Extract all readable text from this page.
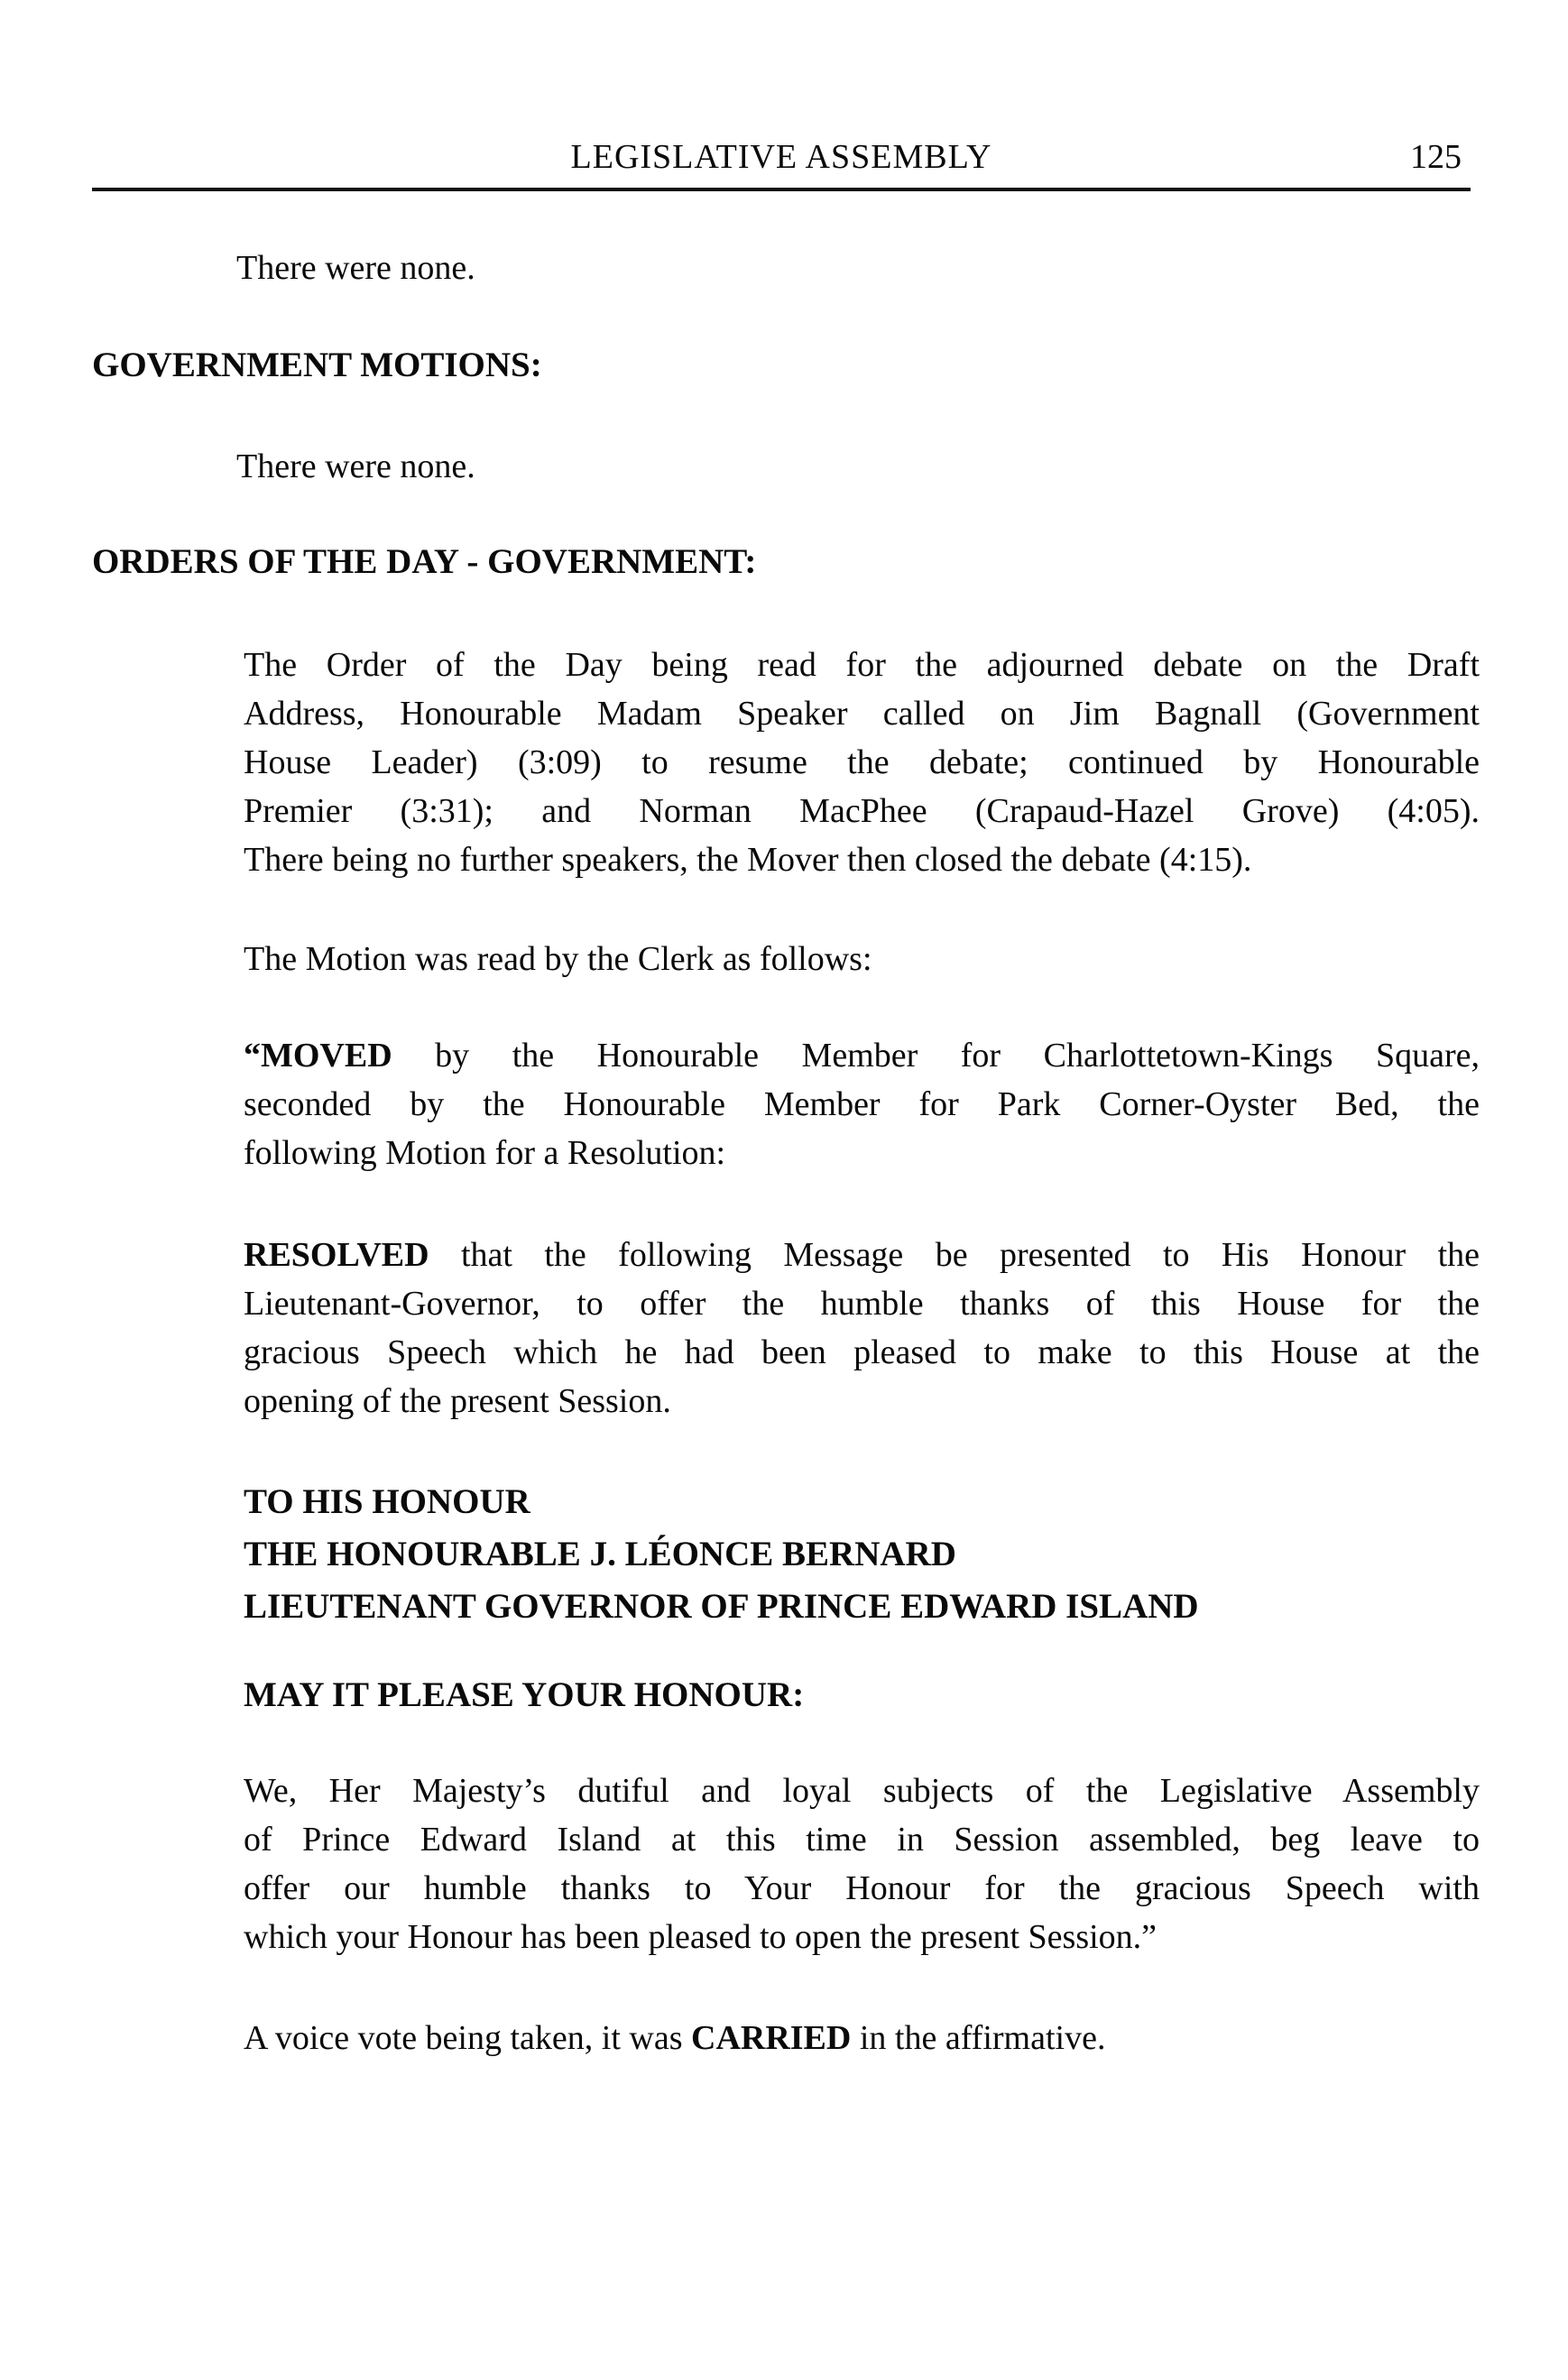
LEGISLATIVE ASSEMBLY	125
There were none.
GOVERNMENT MOTIONS:
There were none.
ORDERS OF THE DAY - GOVERNMENT:
The Order of the Day being read for the adjourned debate on the Draft
Address, Honourable Madam Speaker called on Jim Bagnall (Government
House Leader) (3:09) to resume the debate; continued by Honourable
Premier (3:31); and Norman MacPhee (Crapaud-Hazel Grove) (4:05).
There being no further speakers, the Mover then closed the debate (4:15).
The Motion was read by the Clerk as follows:
“MOVED by the Honourable Member for Charlottetown-Kings Square,
seconded by the Honourable Member for Park Corner-Oyster Bed, the
following Motion for a Resolution:
RESOLVED that the following Message be presented to His Honour the
Lieutenant-Governor, to offer the humble thanks of this House for the
gracious Speech which he had been pleased to make to this House at the
opening of the present Session.
TO HIS HONOUR
THE HONOURABLE J. LÉONCE BERNARD
LIEUTENANT GOVERNOR OF PRINCE EDWARD ISLAND
MAY IT PLEASE YOUR HONOUR:
We, Her Majesty’s dutiful and loyal subjects of the Legislative Assembly
of Prince Edward Island at this time in Session assembled, beg leave to
offer our humble thanks to Your Honour for the gracious Speech with
which your Honour has been pleased to open the present Session.”
A voice vote being taken, it was CARRIED in the affirmative.
